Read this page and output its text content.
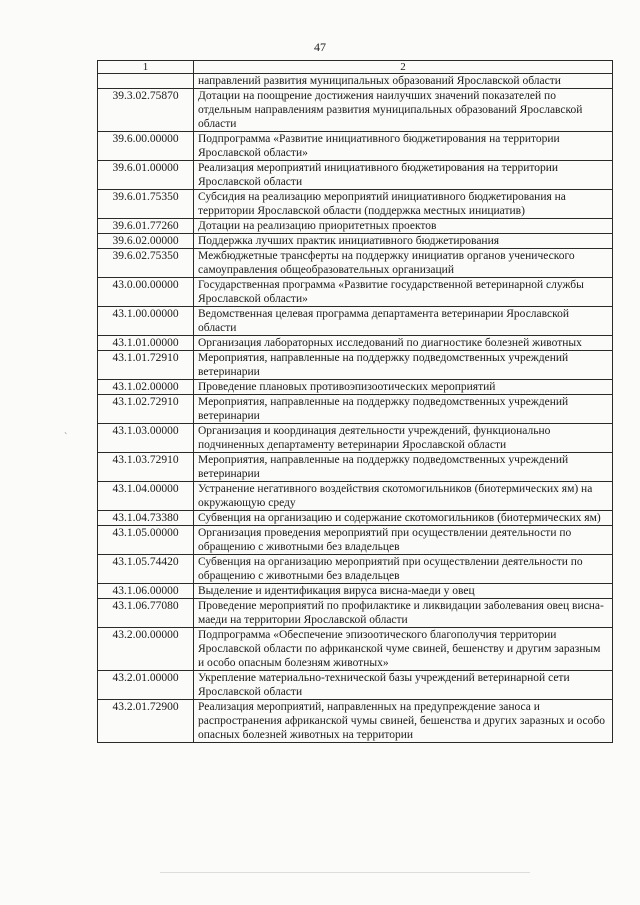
47
`
1	2
	направлений развития муниципальных образований Ярославской области
39.3.02.75870	Дотации на поощрение достижения наилучших значений показателей по отдельным направлениям развития муниципальных образований Ярославской области
39.6.00.00000	Подпрограмма «Развитие инициативного бюджетирования на территории Ярославской области»
39.6.01.00000	Реализация мероприятий инициативного бюджетирования на территории Ярославской области
39.6.01.75350	Субсидия на реализацию мероприятий инициативного бюджетирования на территории Ярославской области (поддержка местных инициатив)
39.6.01.77260	Дотации на реализацию приоритетных проектов
39.6.02.00000	Поддержка лучших практик инициативного бюджетирования
39.6.02.75350	Межбюджетные трансферты на поддержку инициатив органов ученического самоуправления общеобразовательных организаций
43.0.00.00000	Государственная программа «Развитие государственной ветеринарной службы Ярославской области»
43.1.00.00000	Ведомственная целевая программа департамента ветеринарии Ярославской области
43.1.01.00000	Организация лабораторных исследований по диагностике болезней животных
43.1.01.72910	Мероприятия, направленные на поддержку подведомственных учреждений ветеринарии
43.1.02.00000	Проведение плановых противоэпизоотических мероприятий
43.1.02.72910	Мероприятия, направленные на поддержку подведомственных учреждений ветеринарии
43.1.03.00000	Организация и координация деятельности учреждений, функционально подчиненных департаменту ветеринарии Ярославской области
43.1.03.72910	Мероприятия, направленные на поддержку подведомственных учреждений ветеринарии
43.1.04.00000	Устранение негативного воздействия скотомогильников (биотермических ям) на окружающую среду
43.1.04.73380	Субвенция на организацию и содержание скотомогильников (биотермических ям)
43.1.05.00000	Организация проведения мероприятий при осуществлении деятельности по обращению с животными без владельцев
43.1.05.74420	Субвенция на организацию мероприятий при осуществлении деятельности по обращению с животными без владельцев
43.1.06.00000	Выделение и идентификация вируса висна-маеди у овец
43.1.06.77080	Проведение мероприятий по профилактике и ликвидации заболевания овец висна-маеди на территории Ярославской области
43.2.00.00000	Подпрограмма «Обеспечение эпизоотического благополучия территории Ярославской области по африканской чуме свиней, бешенству и другим заразным и особо опасным болезням животных»
43.2.01.00000	Укрепление материально-технической базы учреждений ветеринарной сети Ярославской области
43.2.01.72900	Реализация мероприятий, направленных на предупреждение заноса и распространения африканской чумы свиней, бешенства и других заразных и особо опасных болезней животных на территории
